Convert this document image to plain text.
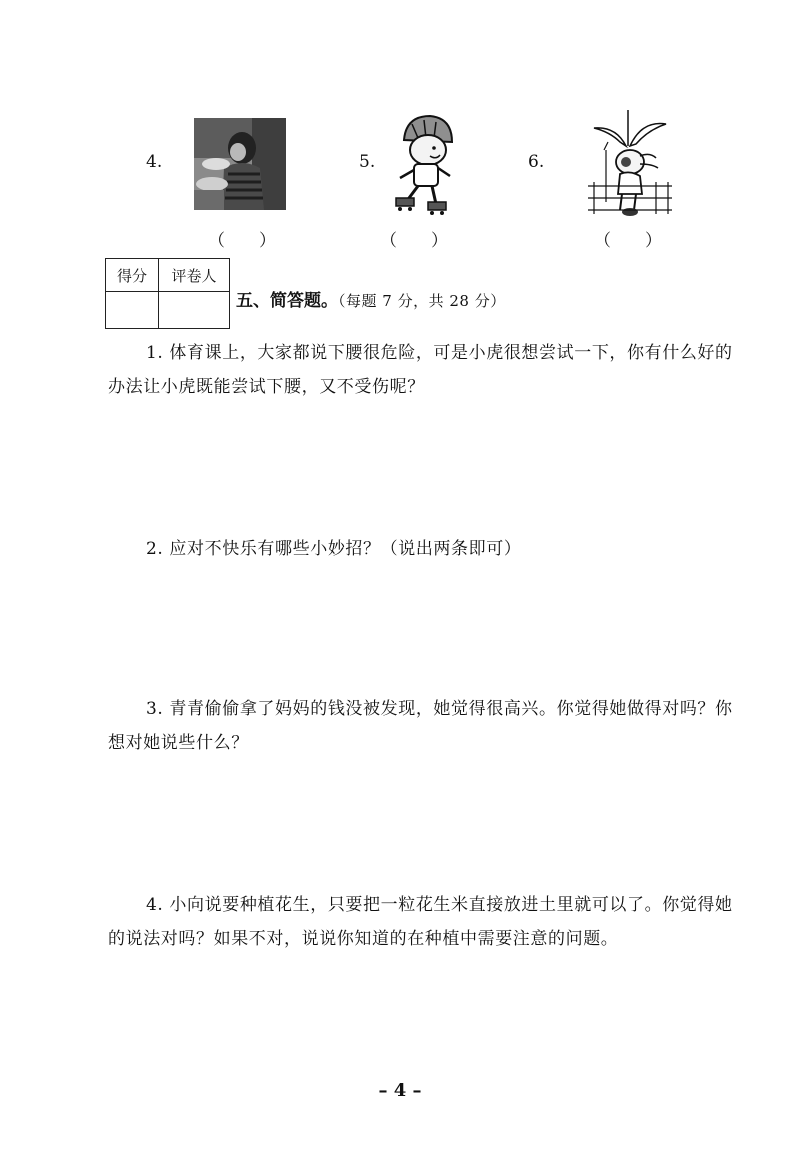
4.
（　　）
5.
（　　）
6.
（　　）
得分	评卷人

五、简答题。（每题 7 分，共 28 分）
1. 体育课上，大家都说下腰很危险，可是小虎很想尝试一下，你有什么好的办法让小虎既能尝试下腰，又不受伤呢？
2. 应对不快乐有哪些小妙招？（说出两条即可）
3. 青青偷偷拿了妈妈的钱没被发现，她觉得很高兴。你觉得她做得对吗？你想对她说些什么？
4. 小向说要种植花生，只要把一粒花生米直接放进土里就可以了。你觉得她的说法对吗？如果不对，说说你知道的在种植中需要注意的问题。
– 4 –
